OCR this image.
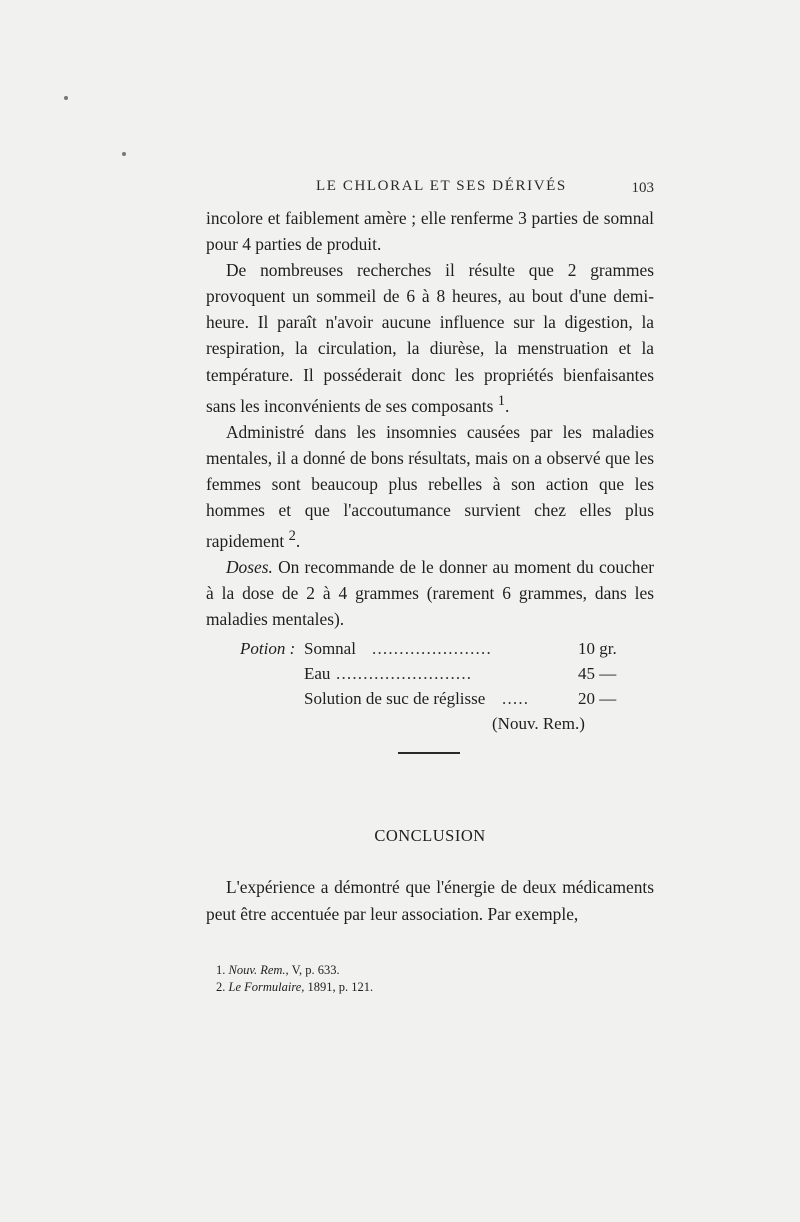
LE CHLORAL ET SES DÉRIVÉS	103

incolore et faiblement amère ; elle renferme 3 parties de somnal pour 4 parties de produit.

De nombreuses recherches il résulte que 2 grammes provoquent un sommeil de 6 à 8 heures, au bout d'une demi-heure. Il paraît n'avoir aucune influence sur la digestion, la respiration, la circulation, la diurèse, la menstruation et la température. Il posséderait donc les propriétés bienfaisantes sans les inconvénients de ses composants $^1$.

Administré dans les insomnies causées par les maladies mentales, il a donné de bons résultats, mais on a observé que les femmes sont beaucoup plus rebelles à son action que les hommes et que l'accoutumance survient chez elles plus rapidement $^2$.

Doses. On recommande de le donner au moment du coucher à la dose de 2 à 4 grammes (rarement 6 grammes, dans les maladies mentales).

Potion : Somnal ......................	10 gr.
Eau .........................	45 —
Solution de suc de réglisse .....	20 —
(Nouv. Rem.)
CONCLUSION

L'expérience a démontré que l'énergie de deux médicaments peut être accentuée par leur association. Par exemple,

1. Nouv. Rem., V, p. 633.

2. Le Formulaire, 1891, p. 121.
